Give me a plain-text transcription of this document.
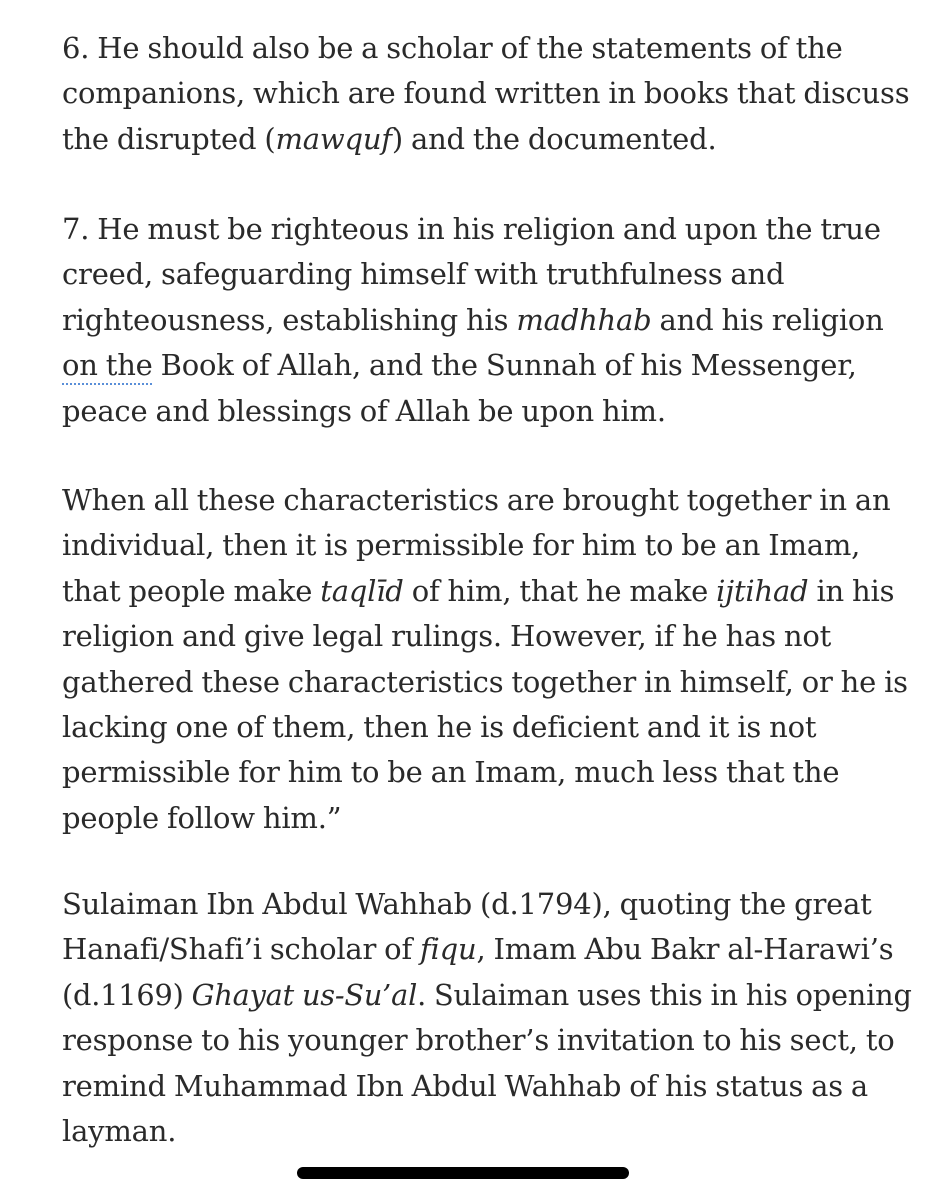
6. He should also be a scholar of the statements of the
companions, which are found written in books that discuss
the disrupted (mawquf) and the documented.

7. He must be righteous in his religion and upon the true
creed, safeguarding himself with truthfulness and
righteousness, establishing his madhhab and his religion
on the Book of Allah, and the Sunnah of his Messenger,
peace and blessings of Allah be upon him.

When all these characteristics are brought together in an
individual, then it is permissible for him to be an Imam,
that people make taqlīd of him, that he make ijtihad in his
religion and give legal rulings. However, if he has not
gathered these characteristics together in himself, or he is
lacking one of them, then he is deficient and it is not
permissible for him to be an Imam, much less that the
people follow him.”

Sulaiman Ibn Abdul Wahhab (d.1794), quoting the great
Hanafi/Shafi’i scholar of fiqu, Imam Abu Bakr al-Harawi’s
(d.1169) Ghayat us-Su’al. Sulaiman uses this in his opening
response to his younger brother’s invitation to his sect, to
remind Muhammad Ibn Abdul Wahhab of his status as a
layman.
